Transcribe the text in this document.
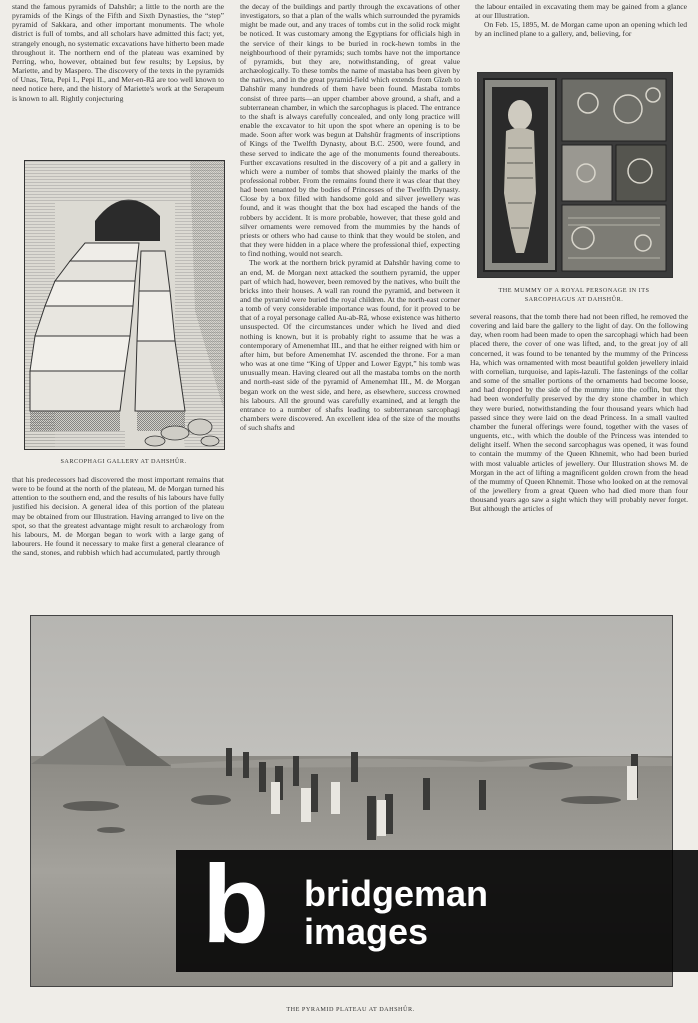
stand the famous pyramids of Dahshûr; a little to the north are the pyramids of the Kings of the Fifth and Sixth Dynasties, the “step” pyramid of Sakkara, and other important monuments. The whole district is full of tombs, and all scholars have admitted this fact; yet, strangely enough, no systematic excavations have hitherto been made throughout it. The northern end of the plateau was examined by Perring, who, however, obtained but few results; by Lepsius, by Mariette, and by Maspero. The discovery of the texts in the pyramids of Unas, Teta, Pepi I., Pepi II., and Mer-en-Râ are too well known to need notice here, and the history of Mariette's work at the Serapeum is known to all. Rightly conjecturing

SARCOPHAGI GALLERY AT DAHSHÛR.

that his predecessors had discovered the most important remains that were to be found at the north of the plateau, M. de Morgan turned his attention to the southern end, and the results of his labours have fully justified his decision. A general idea of this portion of the plateau may be obtained from our Illustration. Having arranged to live on the spot, so that the greatest advantage might result to archæology from his labours, M. de Morgan began to work with a large gang of labourers. He found it necessary to make first a general clearance of the sand, stones, and rubbish which had accumulated, partly through

the decay of the buildings and partly through the excavations of other investigators, so that a plan of the walls which surrounded the pyramids might be made out, and any traces of tombs cut in the solid rock might be noticed. It was customary among the Egyptians for officials high in the service of their kings to be buried in rock-hewn tombs in the neighbourhood of their pyramids; such tombs have not the importance of pyramids, but they are, notwithstanding, of great value archæologically. To these tombs the name of mastaba has been given by the natives, and in the great pyramid-field which extends from Gîzeh to Dahshûr many hundreds of them have been found. Mastaba tombs consist of three parts—an upper chamber above ground, a shaft, and a subterranean chamber, in which the sarcophagus is placed. The entrance to the shaft is always carefully concealed, and only long practice will enable the excavator to hit upon the spot where an opening is to be made. Soon after work was begun at Dahshûr fragments of inscriptions of Kings of the Twelfth Dynasty, about B.C. 2500, were found, and these served to indicate the age of the monuments found thereabouts. Further excavations resulted in the discovery of a pit and a gallery in which were a number of tombs that showed plainly the marks of the professional robber. From the remains found there it was clear that they had been tenanted by the bodies of Princesses of the Twelfth Dynasty. Close by a box filled with handsome gold and silver jewellery was found, and it was thought that the box had escaped the hands of the robbers by accident. It is more probable, however, that these gold and silver ornaments were removed from the mummies by the hands of priests or others who had cause to think that they would be stolen, and that they were hidden in a place where the professional thief, expecting to find nothing, would not search.

The work at the northern brick pyramid at Dahshûr having come to an end, M. de Morgan next attacked the southern pyramid, the upper part of which had, however, been removed by the natives, who built the bricks into their houses. A wall ran round the pyramid, and between it and the pyramid were buried the royal children. At the north-east corner a tomb of very considerable importance was found, for it proved to be that of a royal personage called Au-ab-Râ, whose existence was hitherto unsuspected. Of the circumstances under which he lived and died nothing is known, but it is probably right to assume that he was a contemporary of Amenemhat III., and that he either reigned with him or after him, but before Amenemhat IV. ascended the throne. For a man who was at one time “King of Upper and Lower Egypt,” his tomb was unusually mean. Having cleared out all the mastaba tombs on the north and north-east side of the pyramid of Amenemhat III., M. de Morgan began work on the west side, and here, as elsewhere, success crowned his labours. All the ground was carefully examined, and at length the entrance to a number of shafts leading to subterranean sarcophagi chambers were discovered. An excellent idea of the size of the mouths of such shafts and

the labour entailed in excavating them may be gained from a glance at our Illustration.

On Feb. 15, 1895, M. de Morgan came upon an opening which led by an inclined plane to a gallery, and, believing, for

THE MUMMY OF A ROYAL PERSONAGE IN ITS
SARCOPHAGUS AT DAHSHÛR.

several reasons, that the tomb there had not been rifled, he removed the covering and laid bare the gallery to the light of day. On the following day, when room had been made to open the sarcophagi which had been placed there, the cover of one was lifted, and, to the great joy of all concerned, it was found to be tenanted by the mummy of the Princess Ha, which was ornamented with most beautiful golden jewellery inlaid with cornelian, turquoise, and lapis-lazuli. The fastenings of the collar and some of the smaller portions of the ornaments had become loose, and had dropped by the side of the mummy into the coffin, but they had been wonderfully preserved by the dry stone chamber in which they were buried, notwithstanding the four thousand years which had passed since they were laid on the dead Princess. In a small vaulted chamber the funeral offerings were found, together with the vases of unguents, etc., with which the double of the Princess was intended to delight itself. When the second sarcophagus was opened, it was found to contain the mummy of the Queen Khnemit, who had been buried with most valuable articles of jewellery. Our Illustration shows M. de Morgan in the act of lifting a magnificent golden crown from the head of the mummy of Queen Khnemit. Those who looked on at the removal of the jewellery from a great Queen who had died more than four thousand years ago saw a sight which they will probably never forget. But although the articles of

THE PYRAMID PLATEAU AT DAHSHÛR.
b bridgeman
images
